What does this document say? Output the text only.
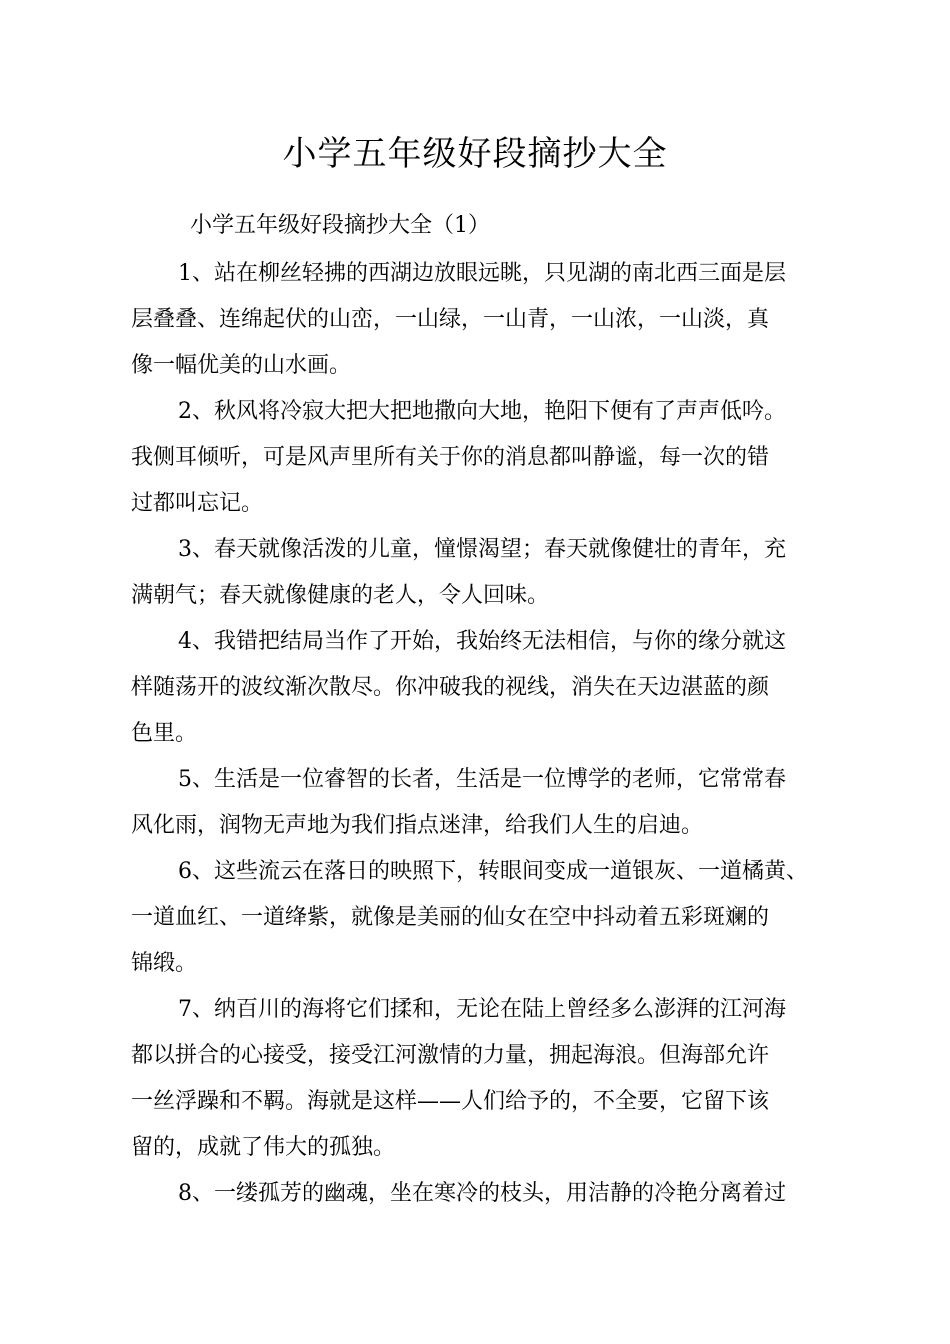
小学五年级好段摘抄大全

小学五年级好段摘抄大全（1）

1、站在柳丝轻拂的西湖边放眼远眺，只见湖的南北西三面是层

层叠叠、连绵起伏的山峦，一山绿，一山青，一山浓，一山淡，真

像一幅优美的山水画。

2、秋风将冷寂大把大把地撒向大地，艳阳下便有了声声低吟。

我侧耳倾听，可是风声里所有关于你的消息都叫静谧，每一次的错

过都叫忘记。

3、春天就像活泼的儿童，憧憬渴望；春天就像健壮的青年，充

满朝气；春天就像健康的老人，令人回味。

4、我错把结局当作了开始，我始终无法相信，与你的缘分就这

样随荡开的波纹渐次散尽。你冲破我的视线，消失在天边湛蓝的颜

色里。

5、生活是一位睿智的长者，生活是一位博学的老师，它常常春

风化雨，润物无声地为我们指点迷津，给我们人生的启迪。

6、这些流云在落日的映照下，转眼间变成一道银灰、一道橘黄、

一道血红、一道绛紫，就像是美丽的仙女在空中抖动着五彩斑斓的

锦缎。

7、纳百川的海将它们揉和，无论在陆上曾经多么澎湃的江河海

都以拼合的心接受，接受江河激情的力量，拥起海浪。但海部允许

一丝浮躁和不羁。海就是这样——人们给予的，不全要，它留下该

留的，成就了伟大的孤独。

8、一缕孤芳的幽魂，坐在寒冷的枝头，用洁静的冷艳分离着过
